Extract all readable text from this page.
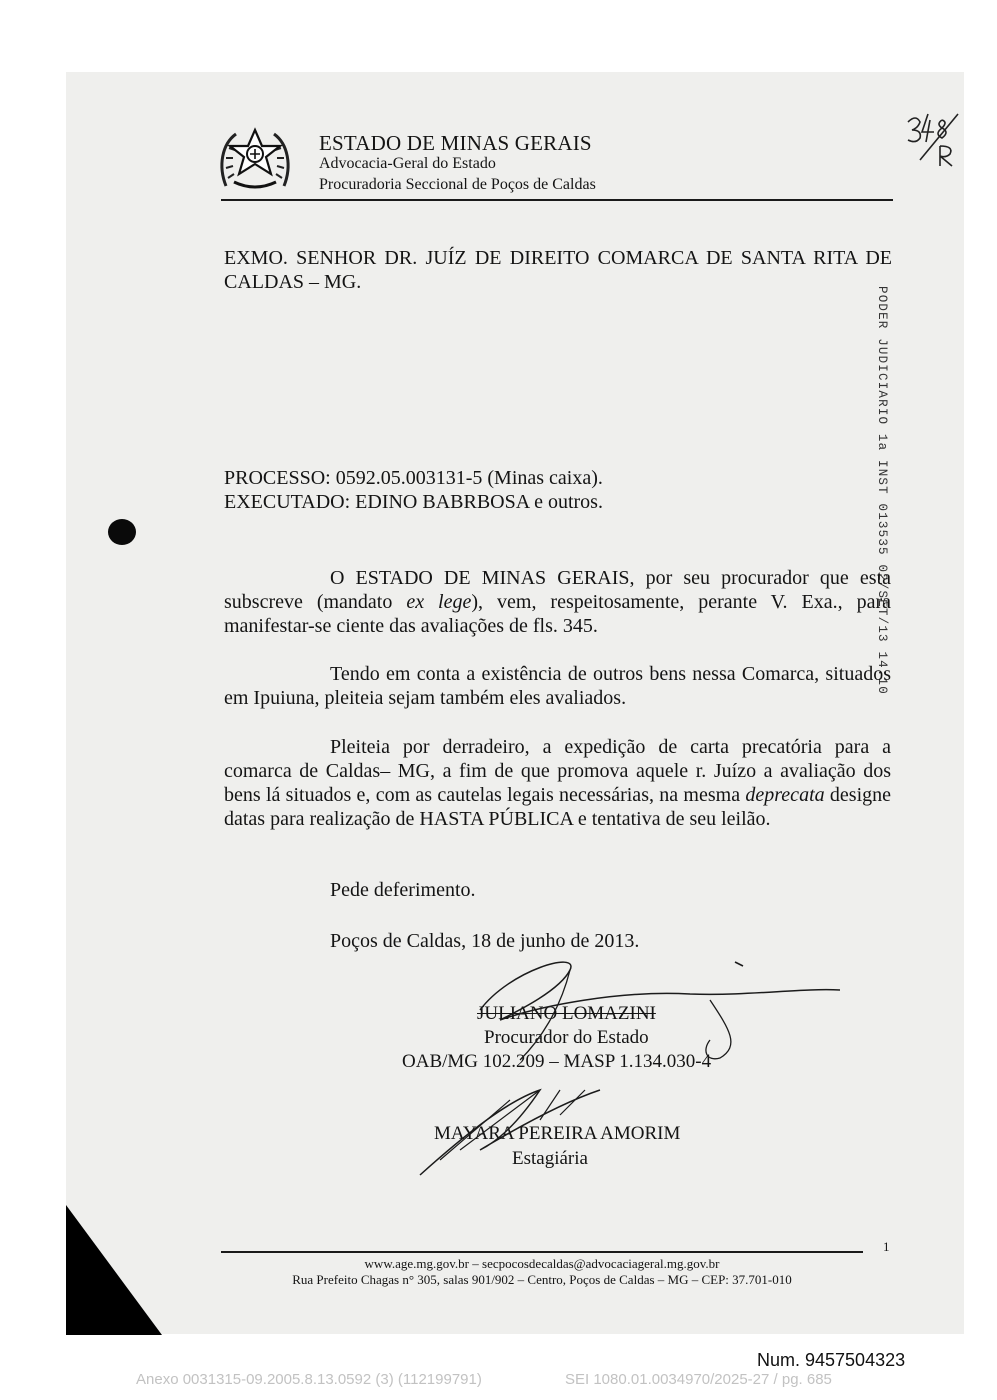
ESTADO DE MINAS GERAIS
Advocacia-Geral do Estado
Procuradoria Seccional de Poços de Caldas
PODER JUDICIARIO 1a INST 013535 02/SET/13 14:10
EXMO. SENHOR DR. JUÍZ DE DIREITO COMARCA DE SANTA RITA DE CALDAS – MG.
PROCESSO: 0592.05.003131-5 (Minas caixa).
EXECUTADO: EDINO BABRBOSA e outros.
O ESTADO DE MINAS GERAIS, por seu procurador que esta subscreve (mandato ex lege), vem, respeitosamente, perante V. Exa., para manifestar-se ciente das avaliações de fls. 345.
Tendo em conta a existência de outros bens nessa Comarca, situados em Ipuiuna, pleiteia sejam também eles avaliados.
Pleiteia por derradeiro, a expedição de carta precatória para a comarca de Caldas– MG, a fim de que promova aquele r. Juízo a avaliação dos bens lá situados e, com as cautelas legais necessárias, na mesma deprecata designe datas para realização de HASTA PÚBLICA e tentativa de seu leilão.
Pede deferimento.
Poços de Caldas, 18 de junho de 2013.
JULIANO LOMAZINI
Procurador do Estado
OAB/MG 102.209 – MASP 1.134.030-4
MAYARA PEREIRA AMORIM
Estagiária
www.age.mg.gov.br – secpocosdecaldas@advocaciageral.mg.gov.br
Rua Prefeito Chagas n° 305, salas 901/902 – Centro, Poços de Caldas – MG – CEP: 37.701-010
1
Num. 9457504323
Anexo 0031315-09.2005.8.13.0592 (3) (112199791)	SEI 1080.01.0034970/2025-27 / pg. 685
